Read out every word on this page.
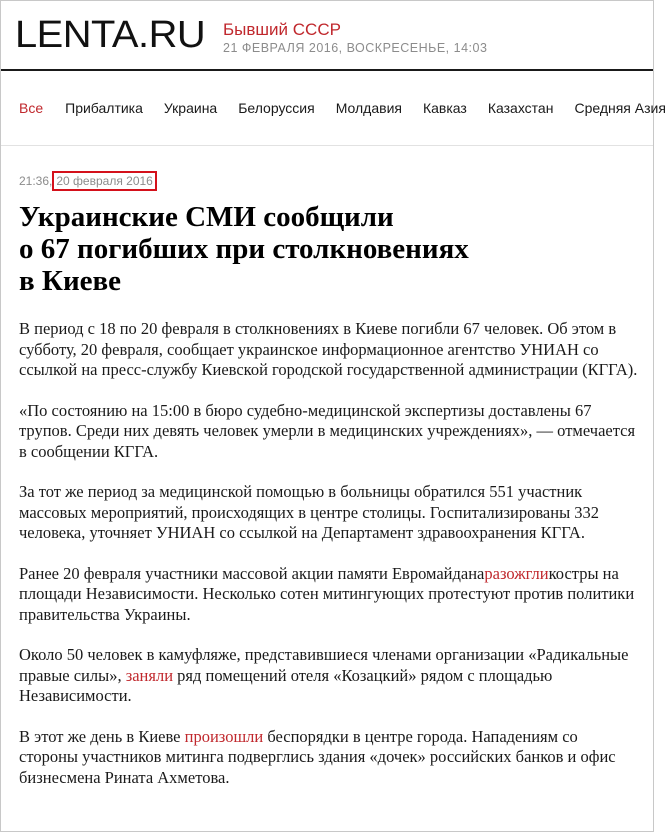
LENTA.RU Бывший СССР
21 ФЕВРАЛЯ 2016, ВОСКРЕСЕНЬЕ, 14:03
Все Прибалтика Украина Белоруссия Молдавия Кавказ Казахстан Средняя Азия
21:36, 20 февраля 2016
Украинские СМИ сообщили
о 67 погибших при столкновениях
в Киеве

В период с 18 по 20 февраля в столкновениях в Киеве погибли 67 человек. Об этом в субботу, 20 февраля, сообщает украинское информационное агентство УНИАН со ссылкой на пресс-службу Киевской городской государственной администрации (КГГА).

«По состоянию на 15:00 в бюро судебно-медицинской экспертизы доставлены 67 трупов. Среди них девять человек умерли в медицинских учреждениях», — отмечается в сообщении КГГА.

За тот же период за медицинской помощью в больницы обратился 551 участник массовых мероприятий, происходящих в центре столицы. Госпитализированы 332 человека, уточняет УНИАН со ссылкой на Департамент здравоохранения КГГА.

Ранее 20 февраля участники массовой акции памяти Евромайданаразожгликостры на площади Независимости. Несколько сотен митингующих протестуют против политики правительства Украины.

Около 50 человек в камуфляже, представившиеся членами организации «Радикальные правые силы», заняли ряд помещений отеля «Козацкий» рядом с площадью Независимости.

В этот же день в Киеве произошли беспорядки в центре города. Нападениям со стороны участников митинга подверглись здания «дочек» российских банков и офис бизнесмена Рината Ахметова.
